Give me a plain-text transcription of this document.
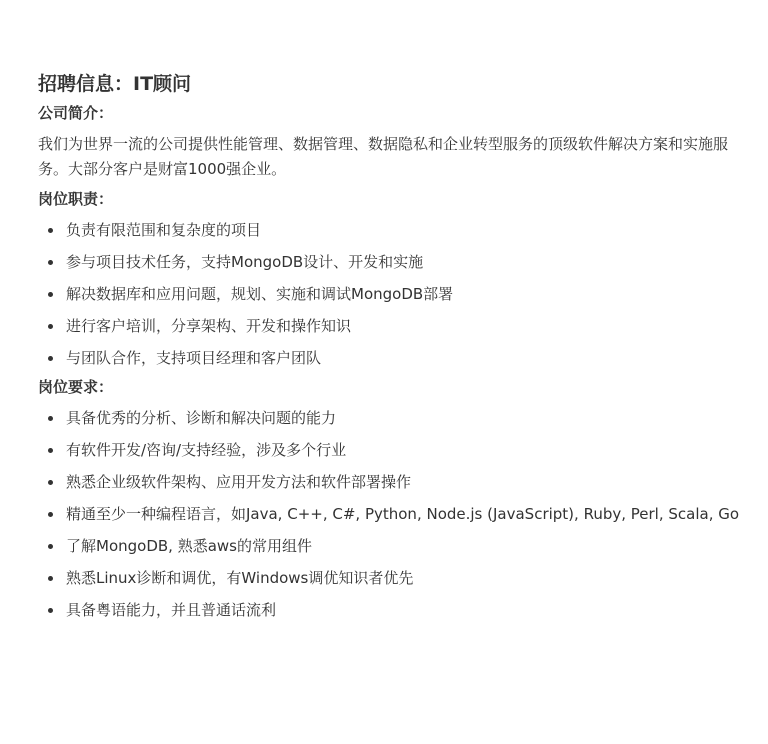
招聘信息：IT顾问
公司简介：

我们为世界一流的公司提供性能管理、数据管理、数据隐私和企业转型服务的顶级软件解决方案和实施服务。大部分客户是财富1000强企业。

岗位职责：
负责有限范围和复杂度的项目
参与项目技术任务，支持MongoDB设计、开发和实施
解决数据库和应用问题，规划、实施和调试MongoDB部署
进行客户培训，分享架构、开发和操作知识
与团队合作，支持项目经理和客户团队
岗位要求：
具备优秀的分析、诊断和解决问题的能力
有软件开发/咨询/支持经验，涉及多个行业
熟悉企业级软件架构、应用开发方法和软件部署操作
精通至少一种编程语言，如Java, C++, C#, Python, Node.js (JavaScript), Ruby, Perl, Scala, Go
了解MongoDB, 熟悉aws的常用组件
熟悉Linux诊断和调优，有Windows调优知识者优先
具备粤语能力，并且普通话流利
